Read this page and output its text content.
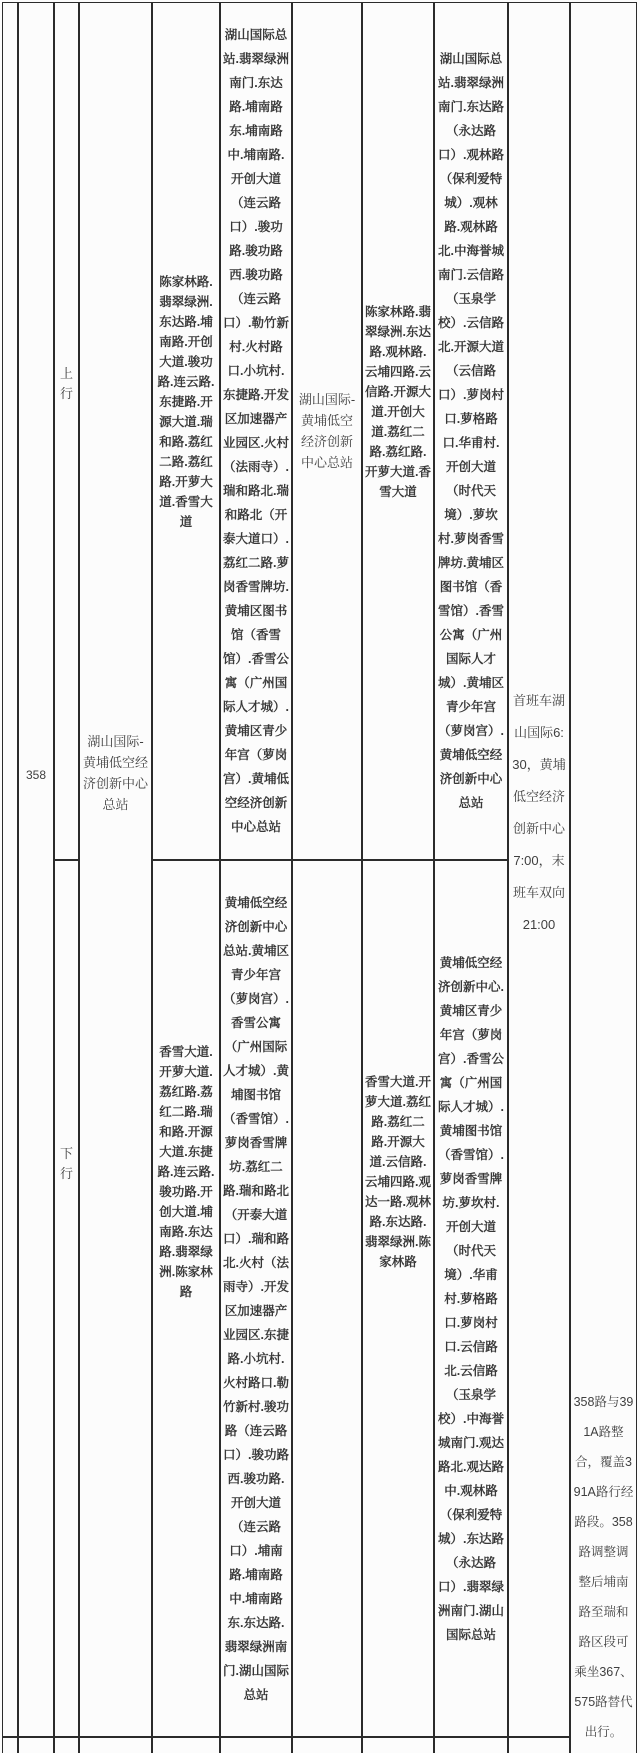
358
上行
下行
湖山国际-黄埔低空经济创新中心总站
陈家林路.翡翠绿洲.东达路.埔南路.开创大道.骏功路.连云路.东捷路.开源大道.瑞和路.荔红二路.荔红路.开萝大道.香雪大道
香雪大道.开萝大道.荔红路.荔红二路.瑞和路.开源大道.东捷路.连云路.骏功路.开创大道.埔南路.东达路.翡翠绿洲.陈家林路
湖山国际总站.翡翠绿洲南门.东达路.埔南路东.埔南路中.埔南路.开创大道（连云路口）.骏功路.骏功路西.骏功路（连云路口）.勒竹新村.火村路口.小坑村.东捷路.开发区加速器产业园区.火村（法雨寺）.瑞和路北.瑞和路北（开泰大道口）.荔红二路.萝岗香雪牌坊.黄埔区图书馆（香雪馆）.香雪公寓（广州国际人才城）.黄埔区青少年宫（萝岗宫）.黄埔低空经济创新中心总站
黄埔低空经济创新中心总站.黄埔区青少年宫（萝岗宫）.香雪公寓（广州国际人才城）.黄埔图书馆（香雪馆）.萝岗香雪牌坊.荔红二路.瑞和路北（开泰大道口）.瑞和路北.火村（法雨寺）.开发区加速器产业园区.东捷路.小坑村.火村路口.勒竹新村.骏功路（连云路口）.骏功路西.骏功路.开创大道（连云路口）.埔南路.埔南路中.埔南路东.东达路.翡翠绿洲南门.湖山国际总站
湖山国际-黄埔低空经济创新中心总站
陈家林路.翡翠绿洲.东达路.观林路.云埔四路.云信路.开源大道.开创大道.荔红二路.荔红路.开萝大道.香雪大道
香雪大道.开萝大道.荔红路.荔红二路.开源大道.云信路.云埔四路.观达一路.观林路.东达路.翡翠绿洲.陈家林路
湖山国际总站.翡翠绿洲南门.东达路（永达路口）.观林路（保利爱特城）.观林路.观林路北.中海誉城南门.云信路（玉泉学校）.云信路北.开源大道（云信路口）.萝岗村口.萝格路口.华甫村.开创大道（时代天境）.萝坎村.萝岗香雪牌坊.黄埔区图书馆（香雪馆）.香雪公寓（广州国际人才城）.黄埔区青少年宫（萝岗宫）.黄埔低空经济创新中心总站
黄埔低空经济创新中心.黄埔区青少年宫（萝岗宫）.香雪公寓（广州国际人才城）.黄埔图书馆（香雪馆）.萝岗香雪牌坊.萝坎村.开创大道（时代天境）.华甫村.萝格路口.萝岗村口.云信路北.云信路（玉泉学校）.中海誉城南门.观达路北.观达路中.观林路（保利爱特城）.东达路（永达路口）.翡翠绿洲南门.湖山国际总站
首班车湖山国际6:30，黄埔低空经济创新中心7:00，末班车双向21:00
358路与391A路整合，覆盖391A路行经路段。358路调整调整后埔南路至瑞和路区段可乘坐367、575路替代出行。
